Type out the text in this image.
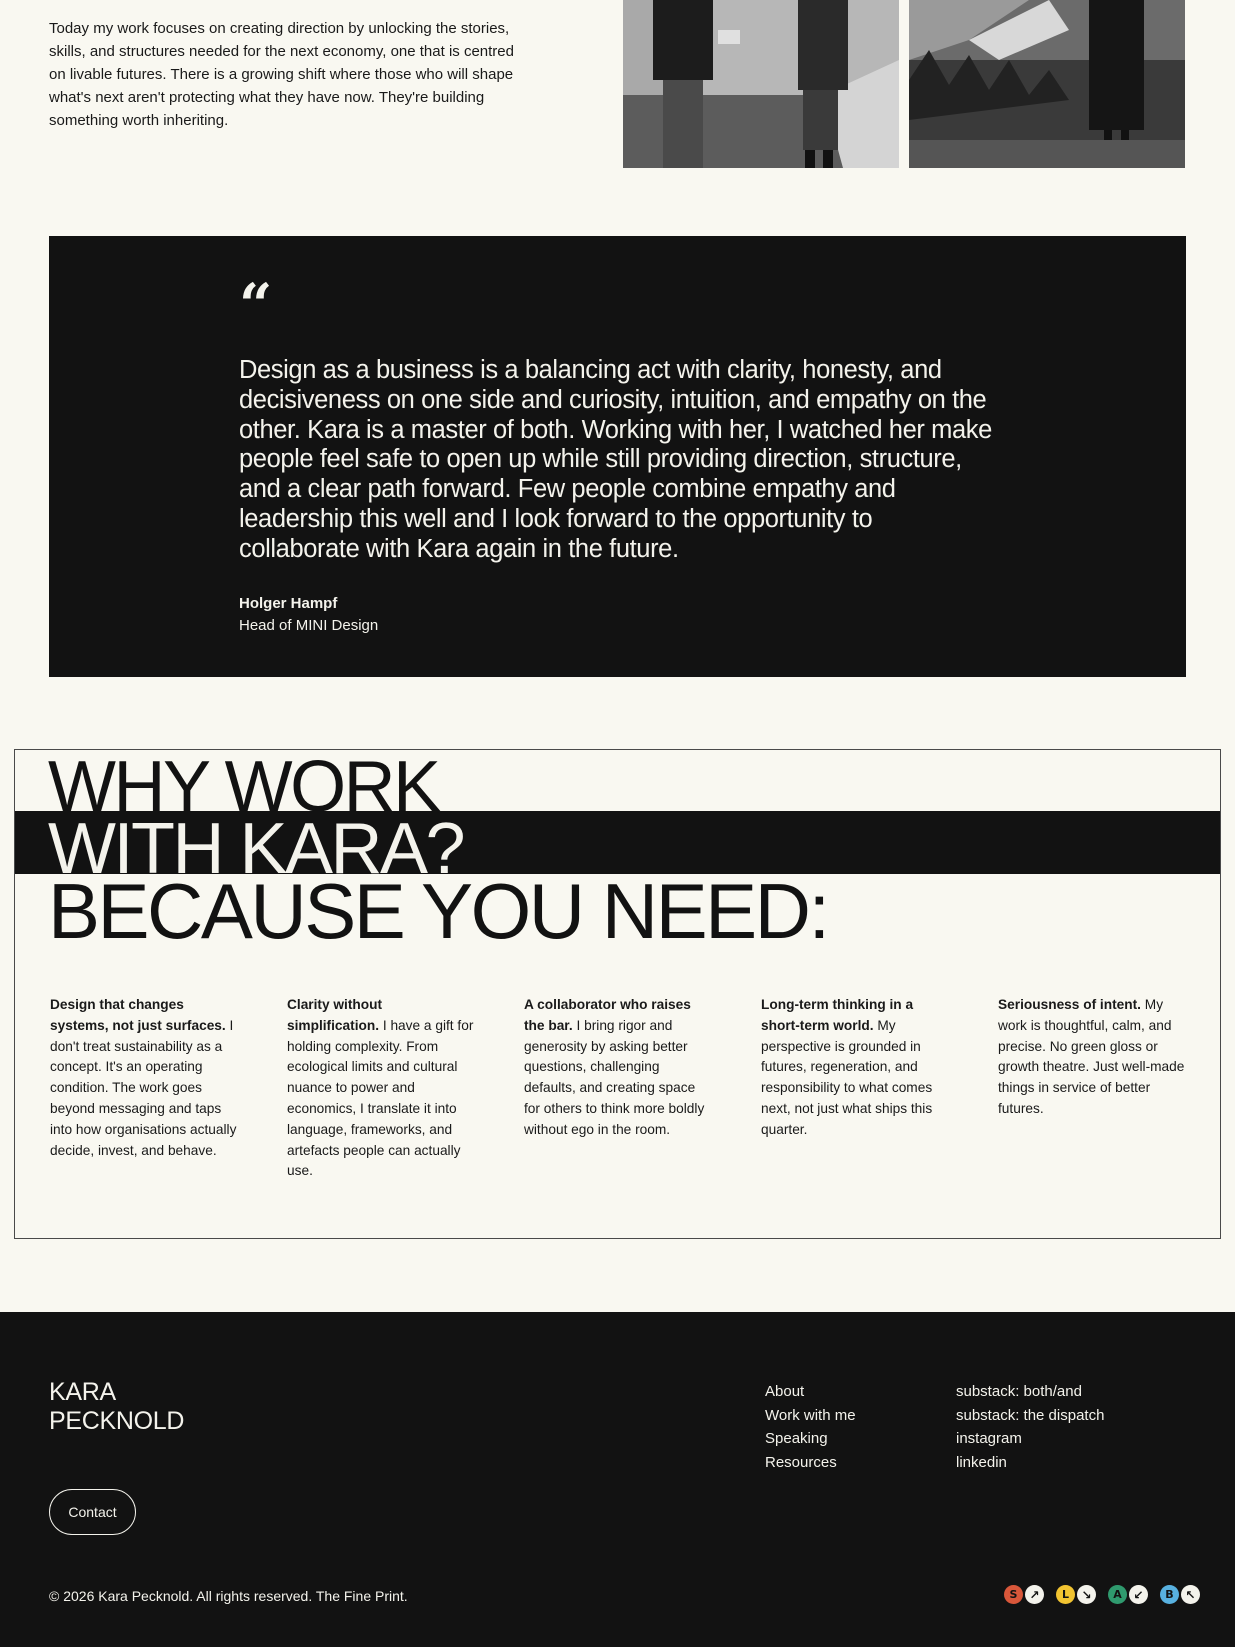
Today my work focuses on creating direction by unlocking the stories, skills, and structures needed for the next economy, one that is centred on livable futures. There is a growing shift where those who will shape what's next aren't protecting what they have now. They're building something worth inheriting.

“

Design as a business is a balancing act with clarity, honesty, and decisiveness on one side and curiosity, intuition, and empathy on the other. Kara is a master of both. Working with her, I watched her make people feel safe to open up while still providing direction, structure, and a clear path forward. Few people combine empathy and leadership this well and I look forward to the opportunity to collaborate with Kara again in the future.

Holger Hampf
Head of MINI Design
WHY WORK
WITH KARA?
BECAUSE YOU NEED:
Design that changes systems, not just surfaces. I don't treat sustainability as a concept. It's an operating condition. The work goes beyond messaging and taps into how organisations actually decide, invest, and behave.
Clarity without simplification. I have a gift for holding complexity. From ecological limits and cultural nuance to power and economics, I translate it into language, frameworks, and artefacts people can actually use.
A collaborator who raises the bar. I bring rigor and generosity by asking better questions, challenging defaults, and creating space for others to think more boldly without ego in the room.
Long-term thinking in a short-term world. My perspective is grounded in futures, regeneration, and responsibility to what comes next, not just what ships this quarter.
Seriousness of intent. My work is thoughtful, calm, and precise. No green gloss or growth theatre. Just well-made things in service of better futures.
KARA
PECKNOLD
Contact
About
Work with me
Speaking
Resources
substack: both/and
substack: the dispatch
instagram
linkedin
© 2026 Kara Pecknold. All rights reserved. The Fine Print.	S	↗	L	↘	A ↙	B ↖
